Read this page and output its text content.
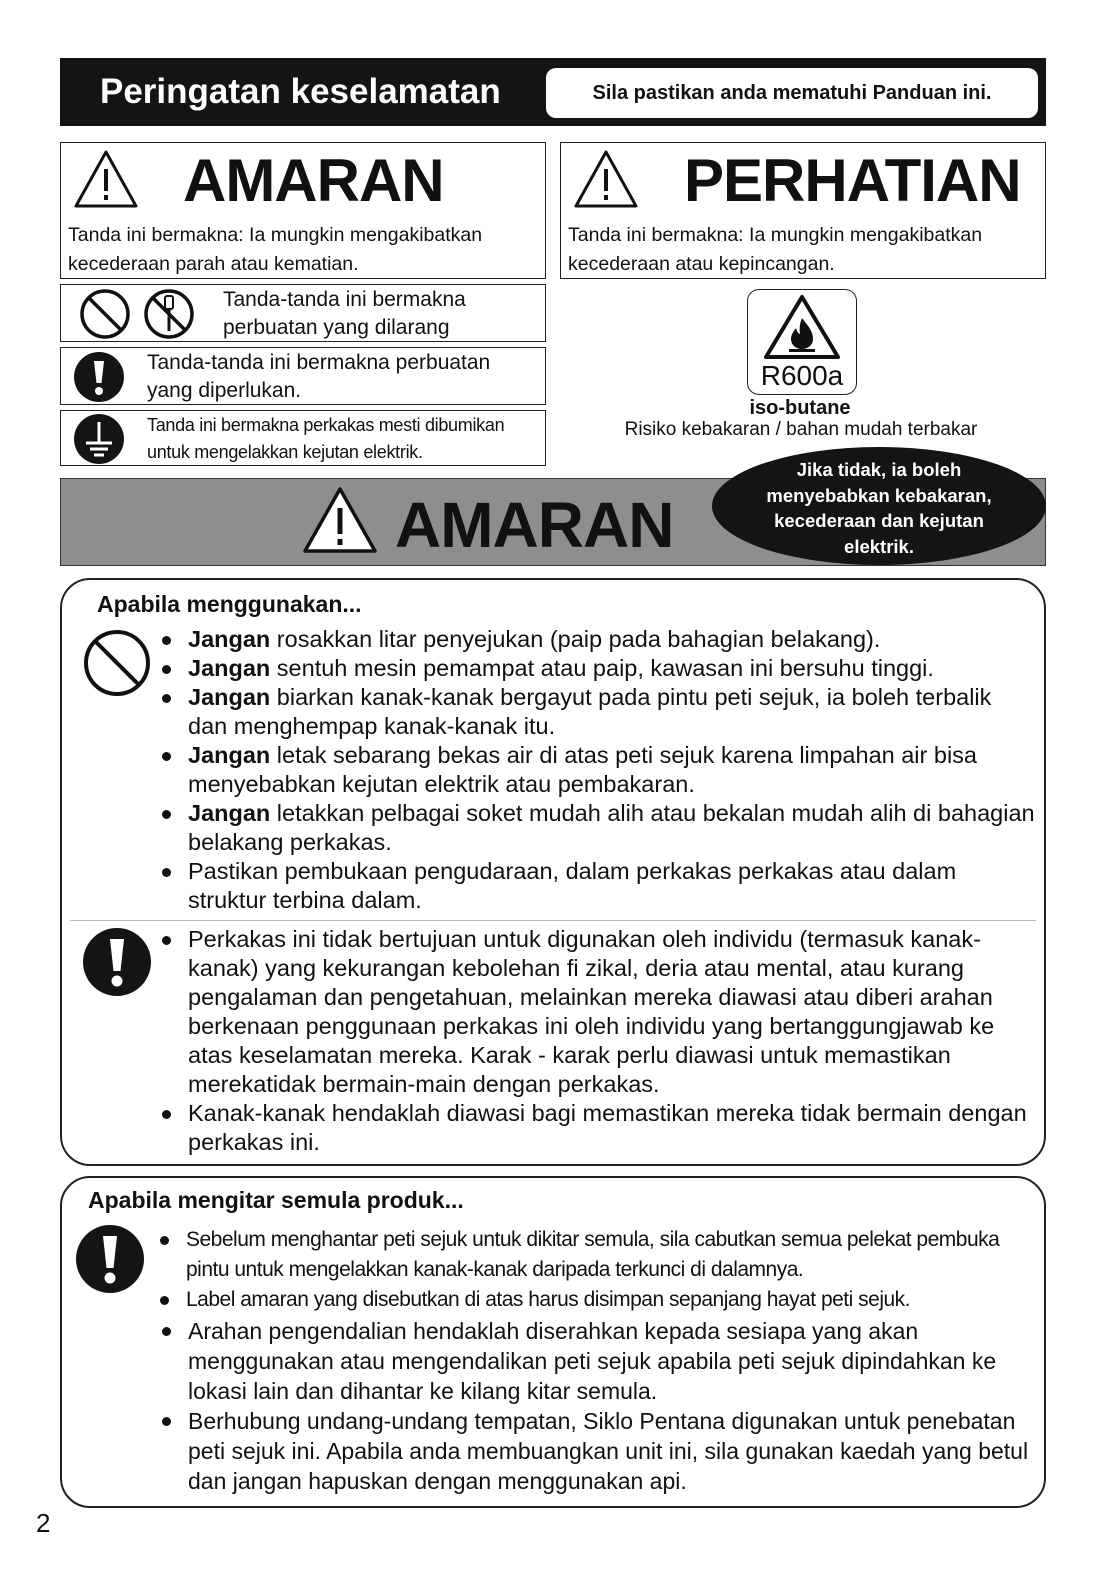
Peringatan keselamatan	Sila pastikan anda mematuhi Panduan ini.
AMARAN
Tanda ini bermakna: Ia mungkin mengakibatkan
kecederaan parah atau kematian.
PERHATIAN
Tanda ini bermakna: Ia mungkin mengakibatkan
kecederaan atau kepincangan.
Tanda-tanda ini bermakna
perbuatan yang dilarang
Tanda-tanda ini bermakna perbuatan
yang diperlukan.
Tanda ini bermakna perkakas mesti dibumikan
untuk mengelakkan kejutan elektrik.
R600a
iso-butane
Risiko kebakaran / bahan mudah terbakar
AMARAN
Jika tidak, ia boleh
menyebabkan kebakaran,
kecederaan dan kejutan
elektrik.
Apabila menggunakan...
Jangan rosakkan litar penyejukan (paip pada bahagian belakang).
Jangan sentuh mesin pemampat atau paip, kawasan ini bersuhu tinggi.
Jangan biarkan kanak-kanak bergayut pada pintu peti sejuk, ia boleh terbalik dan menghempap kanak-kanak itu.
Jangan letak sebarang bekas air di atas peti sejuk karena limpahan air bisa menyebabkan kejutan elektrik atau pembakaran.
Jangan letakkan pelbagai soket mudah alih atau bekalan mudah alih di bahagian belakang perkakas.
Pastikan pembukaan pengudaraan, dalam perkakas perkakas atau dalam struktur terbina dalam.
Perkakas ini tidak bertujuan untuk digunakan oleh individu (termasuk kanak-kanak) yang kekurangan kebolehan fi zikal, deria atau mental, atau kurang pengalaman dan pengetahuan, melainkan mereka diawasi atau diberi arahan berkenaan penggunaan perkakas ini oleh individu yang bertanggungjawab ke atas keselamatan mereka. Karak - karak perlu diawasi untuk memastikan merekatidak bermain-main dengan perkakas.
Kanak-kanak hendaklah diawasi bagi memastikan mereka tidak bermain dengan perkakas ini.
Apabila mengitar semula produk...
Sebelum menghantar peti sejuk untuk dikitar semula, sila cabutkan semua pelekat pembuka pintu untuk mengelakkan kanak-kanak daripada terkunci di dalamnya.
Label amaran yang disebutkan di atas harus disimpan sepanjang hayat peti sejuk.
Arahan pengendalian hendaklah diserahkan kepada sesiapa yang akan menggunakan atau mengendalikan peti sejuk apabila peti sejuk dipindahkan ke lokasi lain dan dihantar ke kilang kitar semula.
Berhubung undang-undang tempatan, Siklo Pentana digunakan untuk penebatan peti sejuk ini. Apabila anda membuangkan unit ini, sila gunakan kaedah yang betul dan jangan hapuskan dengan menggunakan api.
2
